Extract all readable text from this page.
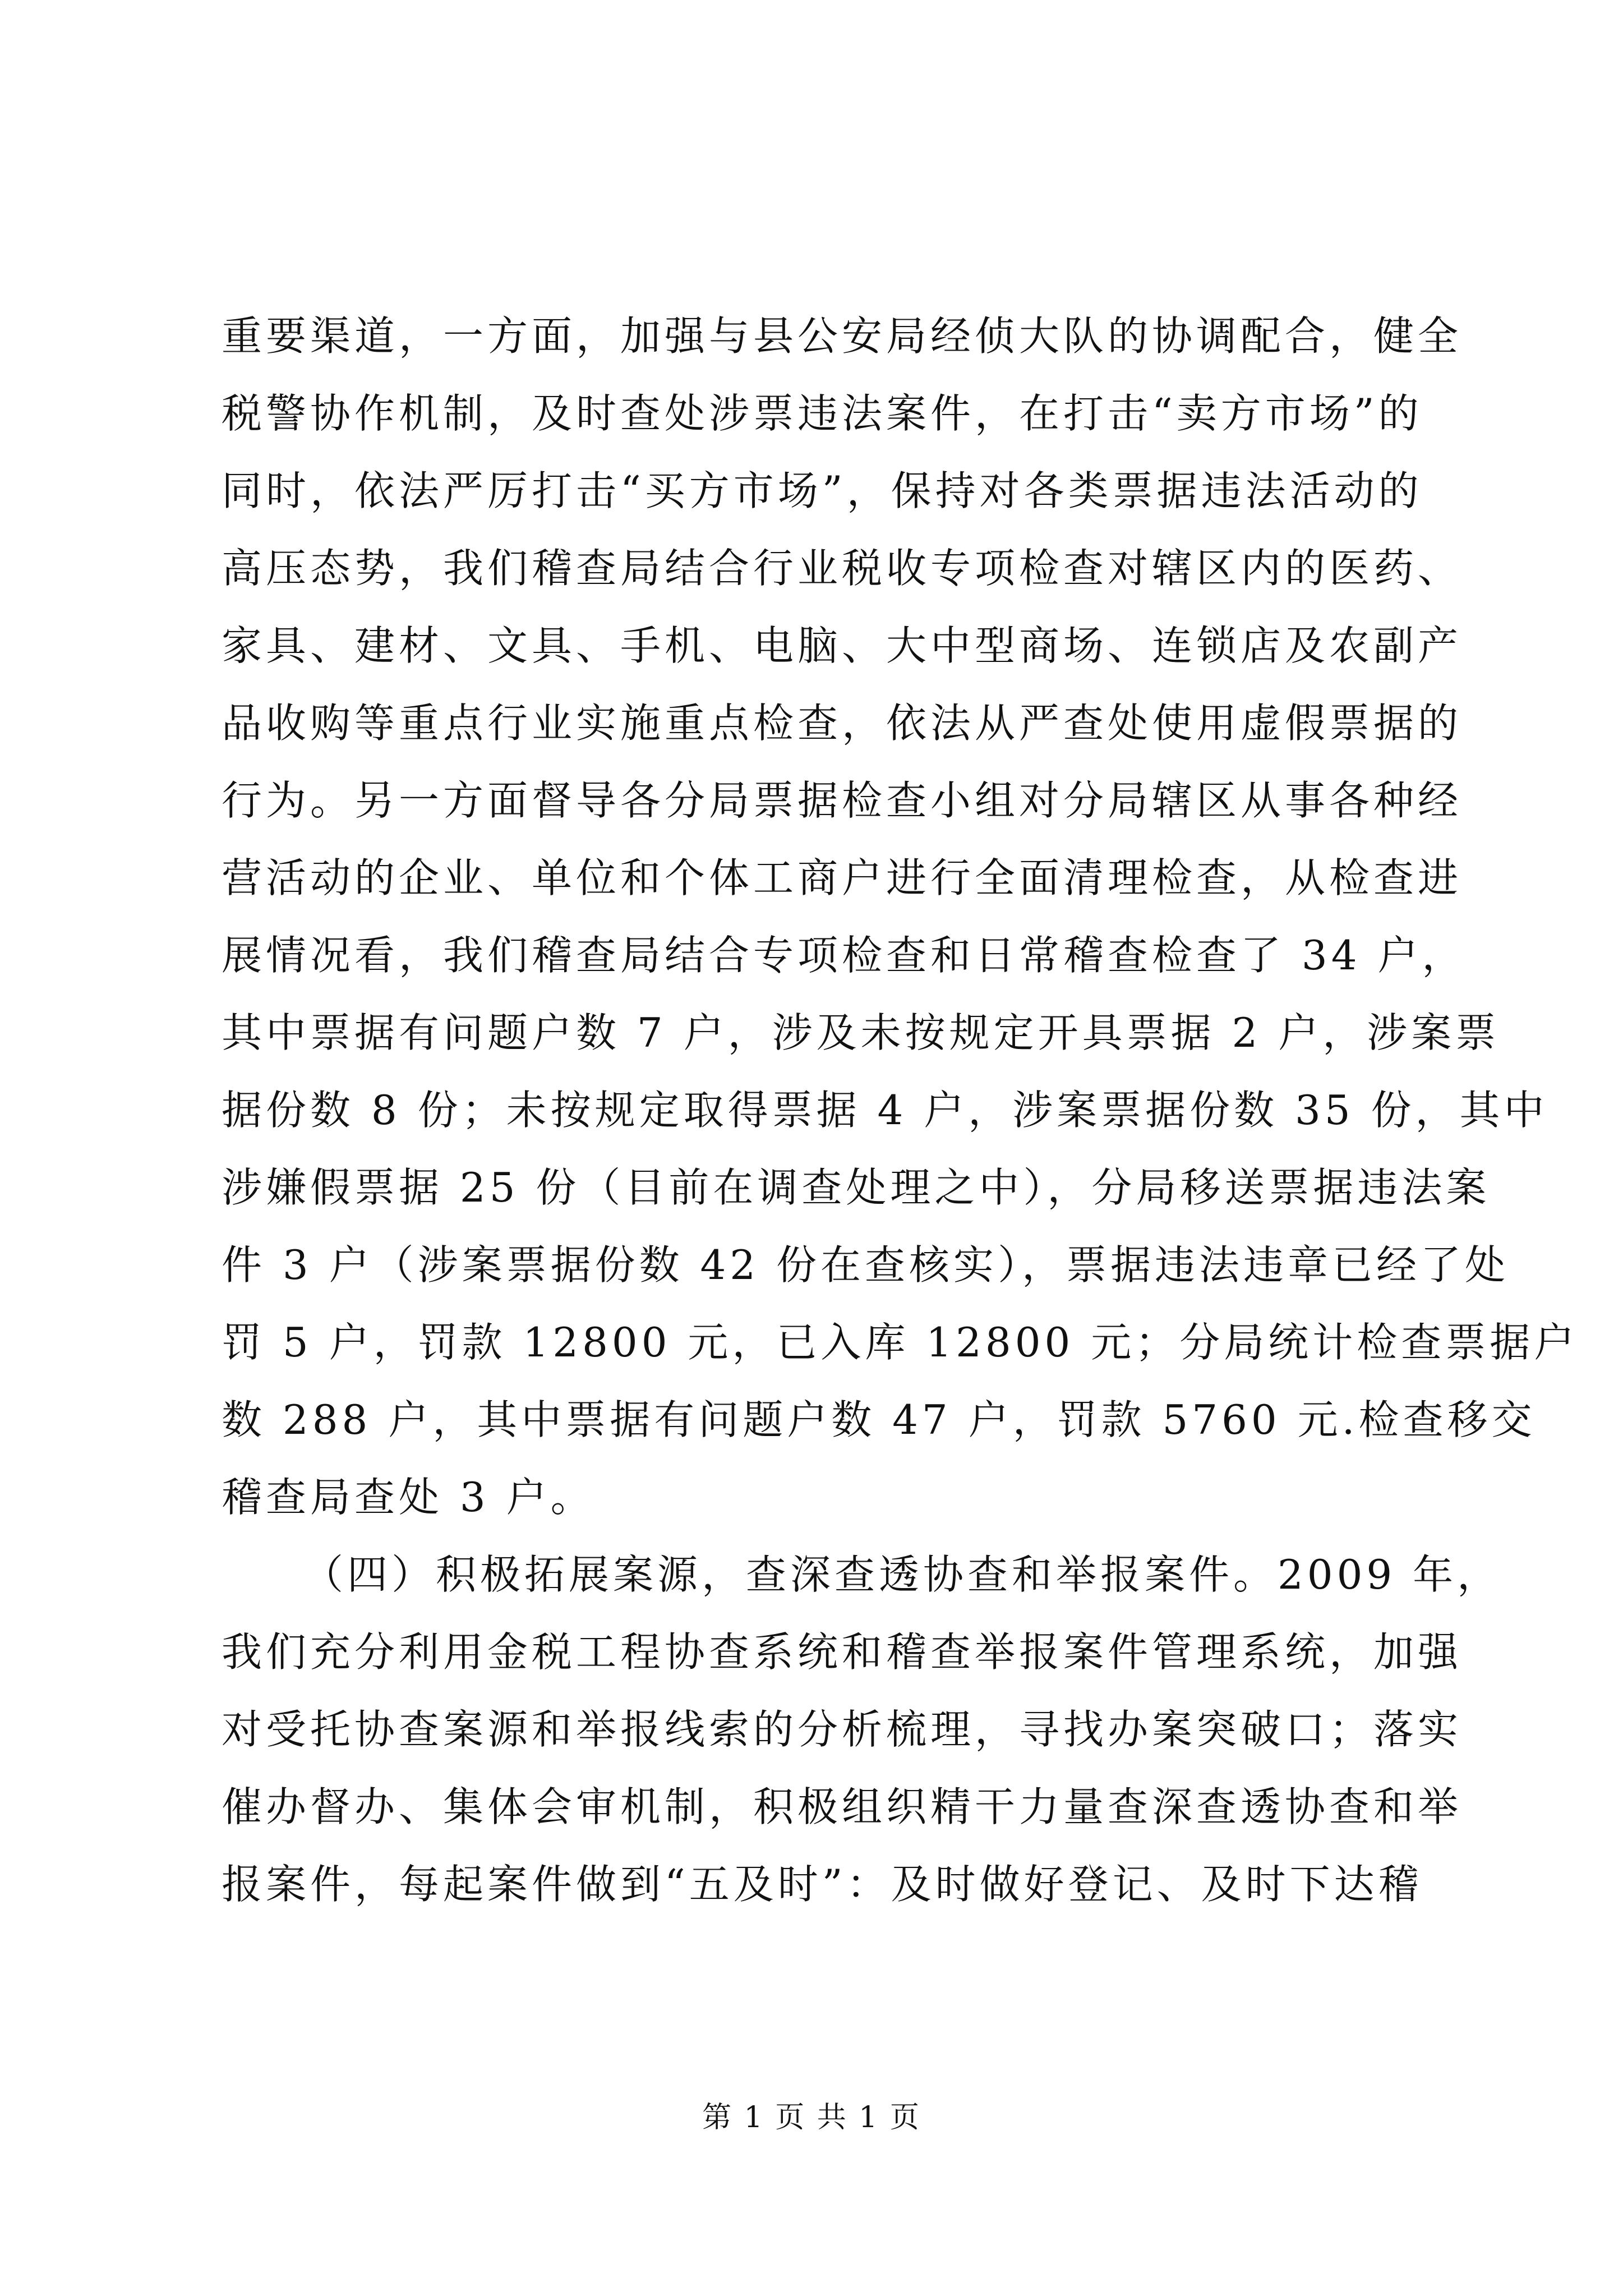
重要渠道，一方面，加强与县公安局经侦大队的协调配合，健全
税警协作机制，及时查处涉票违法案件，在打击“卖方市场”的
同时，依法严厉打击“买方市场”，保持对各类票据违法活动的
高压态势，我们稽查局结合行业税收专项检查对辖区内的医药、
家具、建材、文具、手机、电脑、大中型商场、连锁店及农副产
品收购等重点行业实施重点检查，依法从严查处使用虚假票据的
行为。另一方面督导各分局票据检查小组对分局辖区从事各种经
营活动的企业、单位和个体工商户进行全面清理检查，从检查进
展情况看，我们稽查局结合专项检查和日常稽查检查了 34 户，
其中票据有问题户数 7 户，涉及未按规定开具票据 2 户，涉案票
据份数 8 份；未按规定取得票据 4 户，涉案票据份数 35 份，其中
涉嫌假票据 25 份（目前在调查处理之中），分局移送票据违法案
件 3 户（涉案票据份数 42 份在查核实），票据违法违章已经了处
罚 5 户，罚款 12800 元，已入库 12800 元；分局统计检查票据户
数 288 户，其中票据有问题户数 47 户，罚款 5760 元.检查移交
稽查局查处 3 户。
（四）积极拓展案源，查深查透协查和举报案件。2009 年，
我们充分利用金税工程协查系统和稽查举报案件管理系统，加强
对受托协查案源和举报线索的分析梳理，寻找办案突破口；落实
催办督办、集体会审机制，积极组织精干力量查深查透协查和举
报案件，每起案件做到“五及时”：及时做好登记、及时下达稽
第 1 页 共 1 页
